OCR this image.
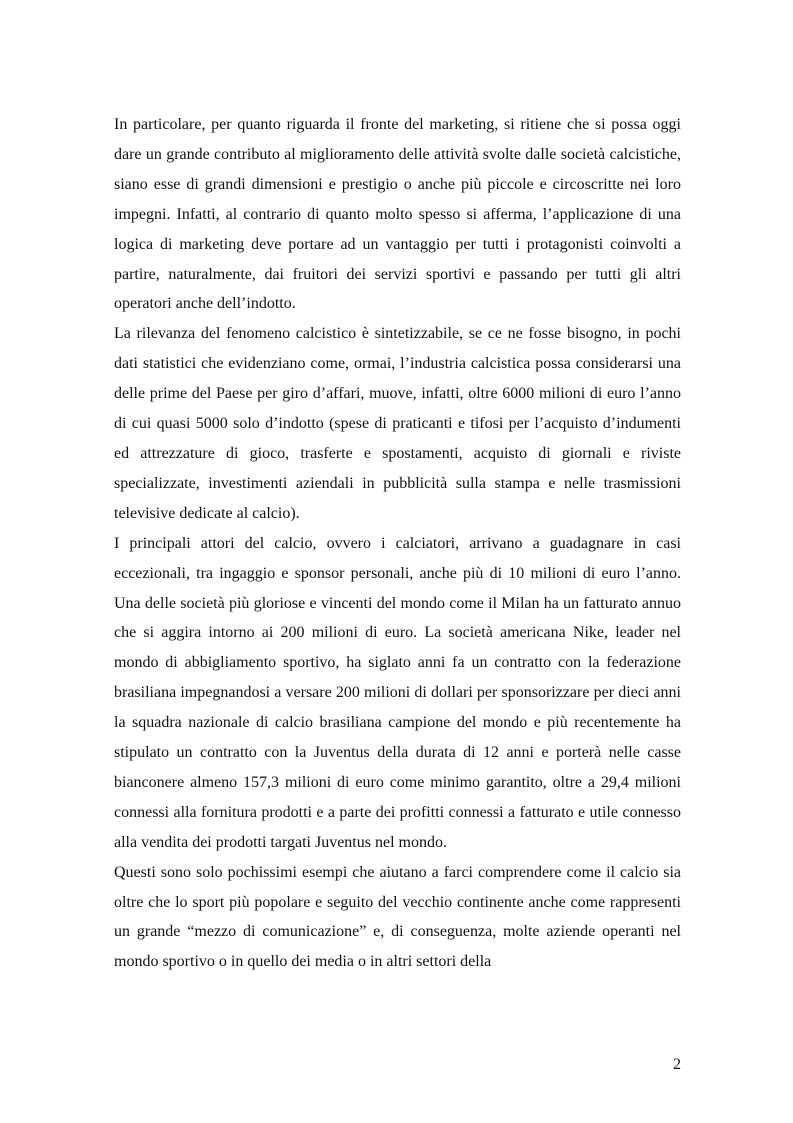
In particolare, per quanto riguarda il fronte del marketing, si ritiene che si possa oggi dare un grande contributo al miglioramento delle attività svolte dalle società calcistiche, siano esse di grandi dimensioni e prestigio o anche più piccole e circoscritte nei loro impegni. Infatti, al contrario di quanto molto spesso si afferma, l’applicazione di una logica di marketing deve portare ad un vantaggio per tutti i protagonisti coinvolti a partire, naturalmente, dai fruitori dei servizi sportivi e passando per tutti gli altri operatori anche dell’indotto.

La rilevanza del fenomeno calcistico è sintetizzabile, se ce ne fosse bisogno, in pochi dati statistici che evidenziano come, ormai, l’industria calcistica possa considerarsi una delle prime del Paese per giro d’affari, muove, infatti, oltre 6000 milioni di euro l’anno di cui quasi 5000 solo d’indotto (spese di praticanti e tifosi per l’acquisto d’indumenti ed attrezzature di gioco, trasferte e spostamenti, acquisto di giornali e riviste specializzate, investimenti aziendali in pubblicità sulla stampa e nelle trasmissioni televisive dedicate al calcio).

I principali attori del calcio, ovvero i calciatori, arrivano a guadagnare in casi eccezionali, tra ingaggio e sponsor personali, anche più di 10 milioni di euro l’anno. Una delle società più gloriose e vincenti del mondo come il Milan ha un fatturato annuo che si aggira intorno ai 200 milioni di euro. La società americana Nike, leader nel mondo di abbigliamento sportivo, ha siglato anni fa un contratto con la federazione brasiliana impegnandosi a versare 200 milioni di dollari per sponsorizzare per dieci anni la squadra nazionale di calcio brasiliana campione del mondo e più recentemente ha stipulato un contratto con la Juventus della durata di 12 anni e porterà nelle casse bianconere almeno 157,3 milioni di euro come minimo garantito, oltre a 29,4 milioni connessi alla fornitura prodotti e a parte dei profitti connessi a fatturato e utile connesso alla vendita dei prodotti targati Juventus nel mondo.

Questi sono solo pochissimi esempi che aiutano a farci comprendere come il calcio sia oltre che lo sport più popolare e seguito del vecchio continente anche come rappresenti un grande “mezzo di comunicazione” e, di conseguenza, molte aziende operanti nel mondo sportivo o in quello dei media o in altri settori della

2
